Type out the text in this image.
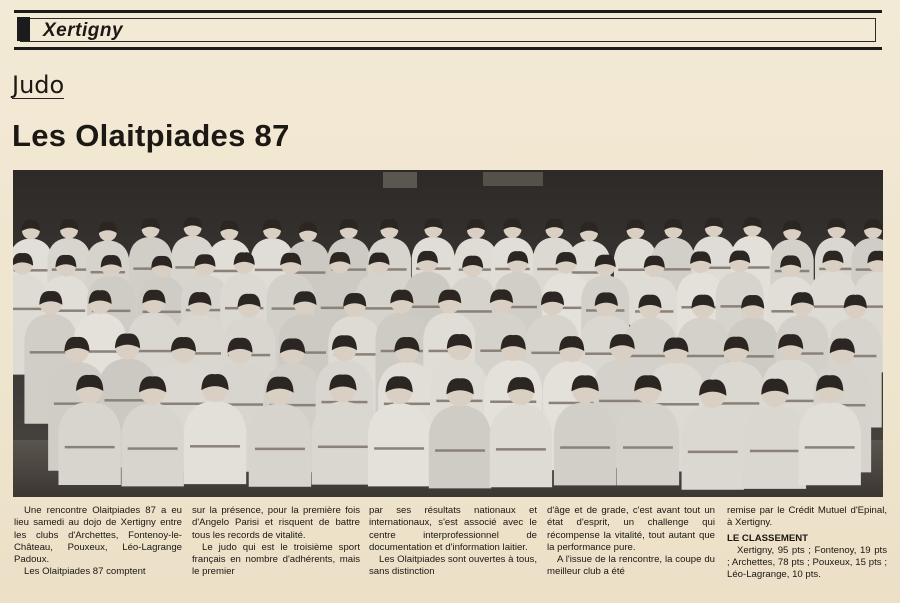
Xertigny
Judo
Les Olaitpiades 87

Une rencontre Olaitpiades 87 a eu lieu samedi au dojo de Xertigny entre les clubs d'Archettes, Fontenoy-le-Château, Pouxeux, Léo-Lagrange Padoux.

Les Olaitpiades 87 comptent

sur la présence, pour la première fois d'Angelo Parisi et risquent de battre tous les records de vitalité.

Le judo qui est le troisième sport français en nombre d'adhérents, mais le premier

par ses résultats nationaux et internationaux, s'est associé avec le centre interprofessionnel de documentation et d'information laitier.

Les Olaitpiades sont ouvertes à tous, sans distinction

d'âge et de grade, c'est avant tout un état d'esprit, un challenge qui récompense la vitalité, tout autant que la performance pure.

A l'issue de la rencontre, la coupe du meilleur club a été

remise par le Crédit Mutuel d'Epinal, à Xertigny.

LE CLASSEMENT

Xertigny, 95 pts ; Fontenoy, 19 pts ; Archettes, 78 pts ; Pouxeux, 15 pts ; Léo-Lagrange, 10 pts.
